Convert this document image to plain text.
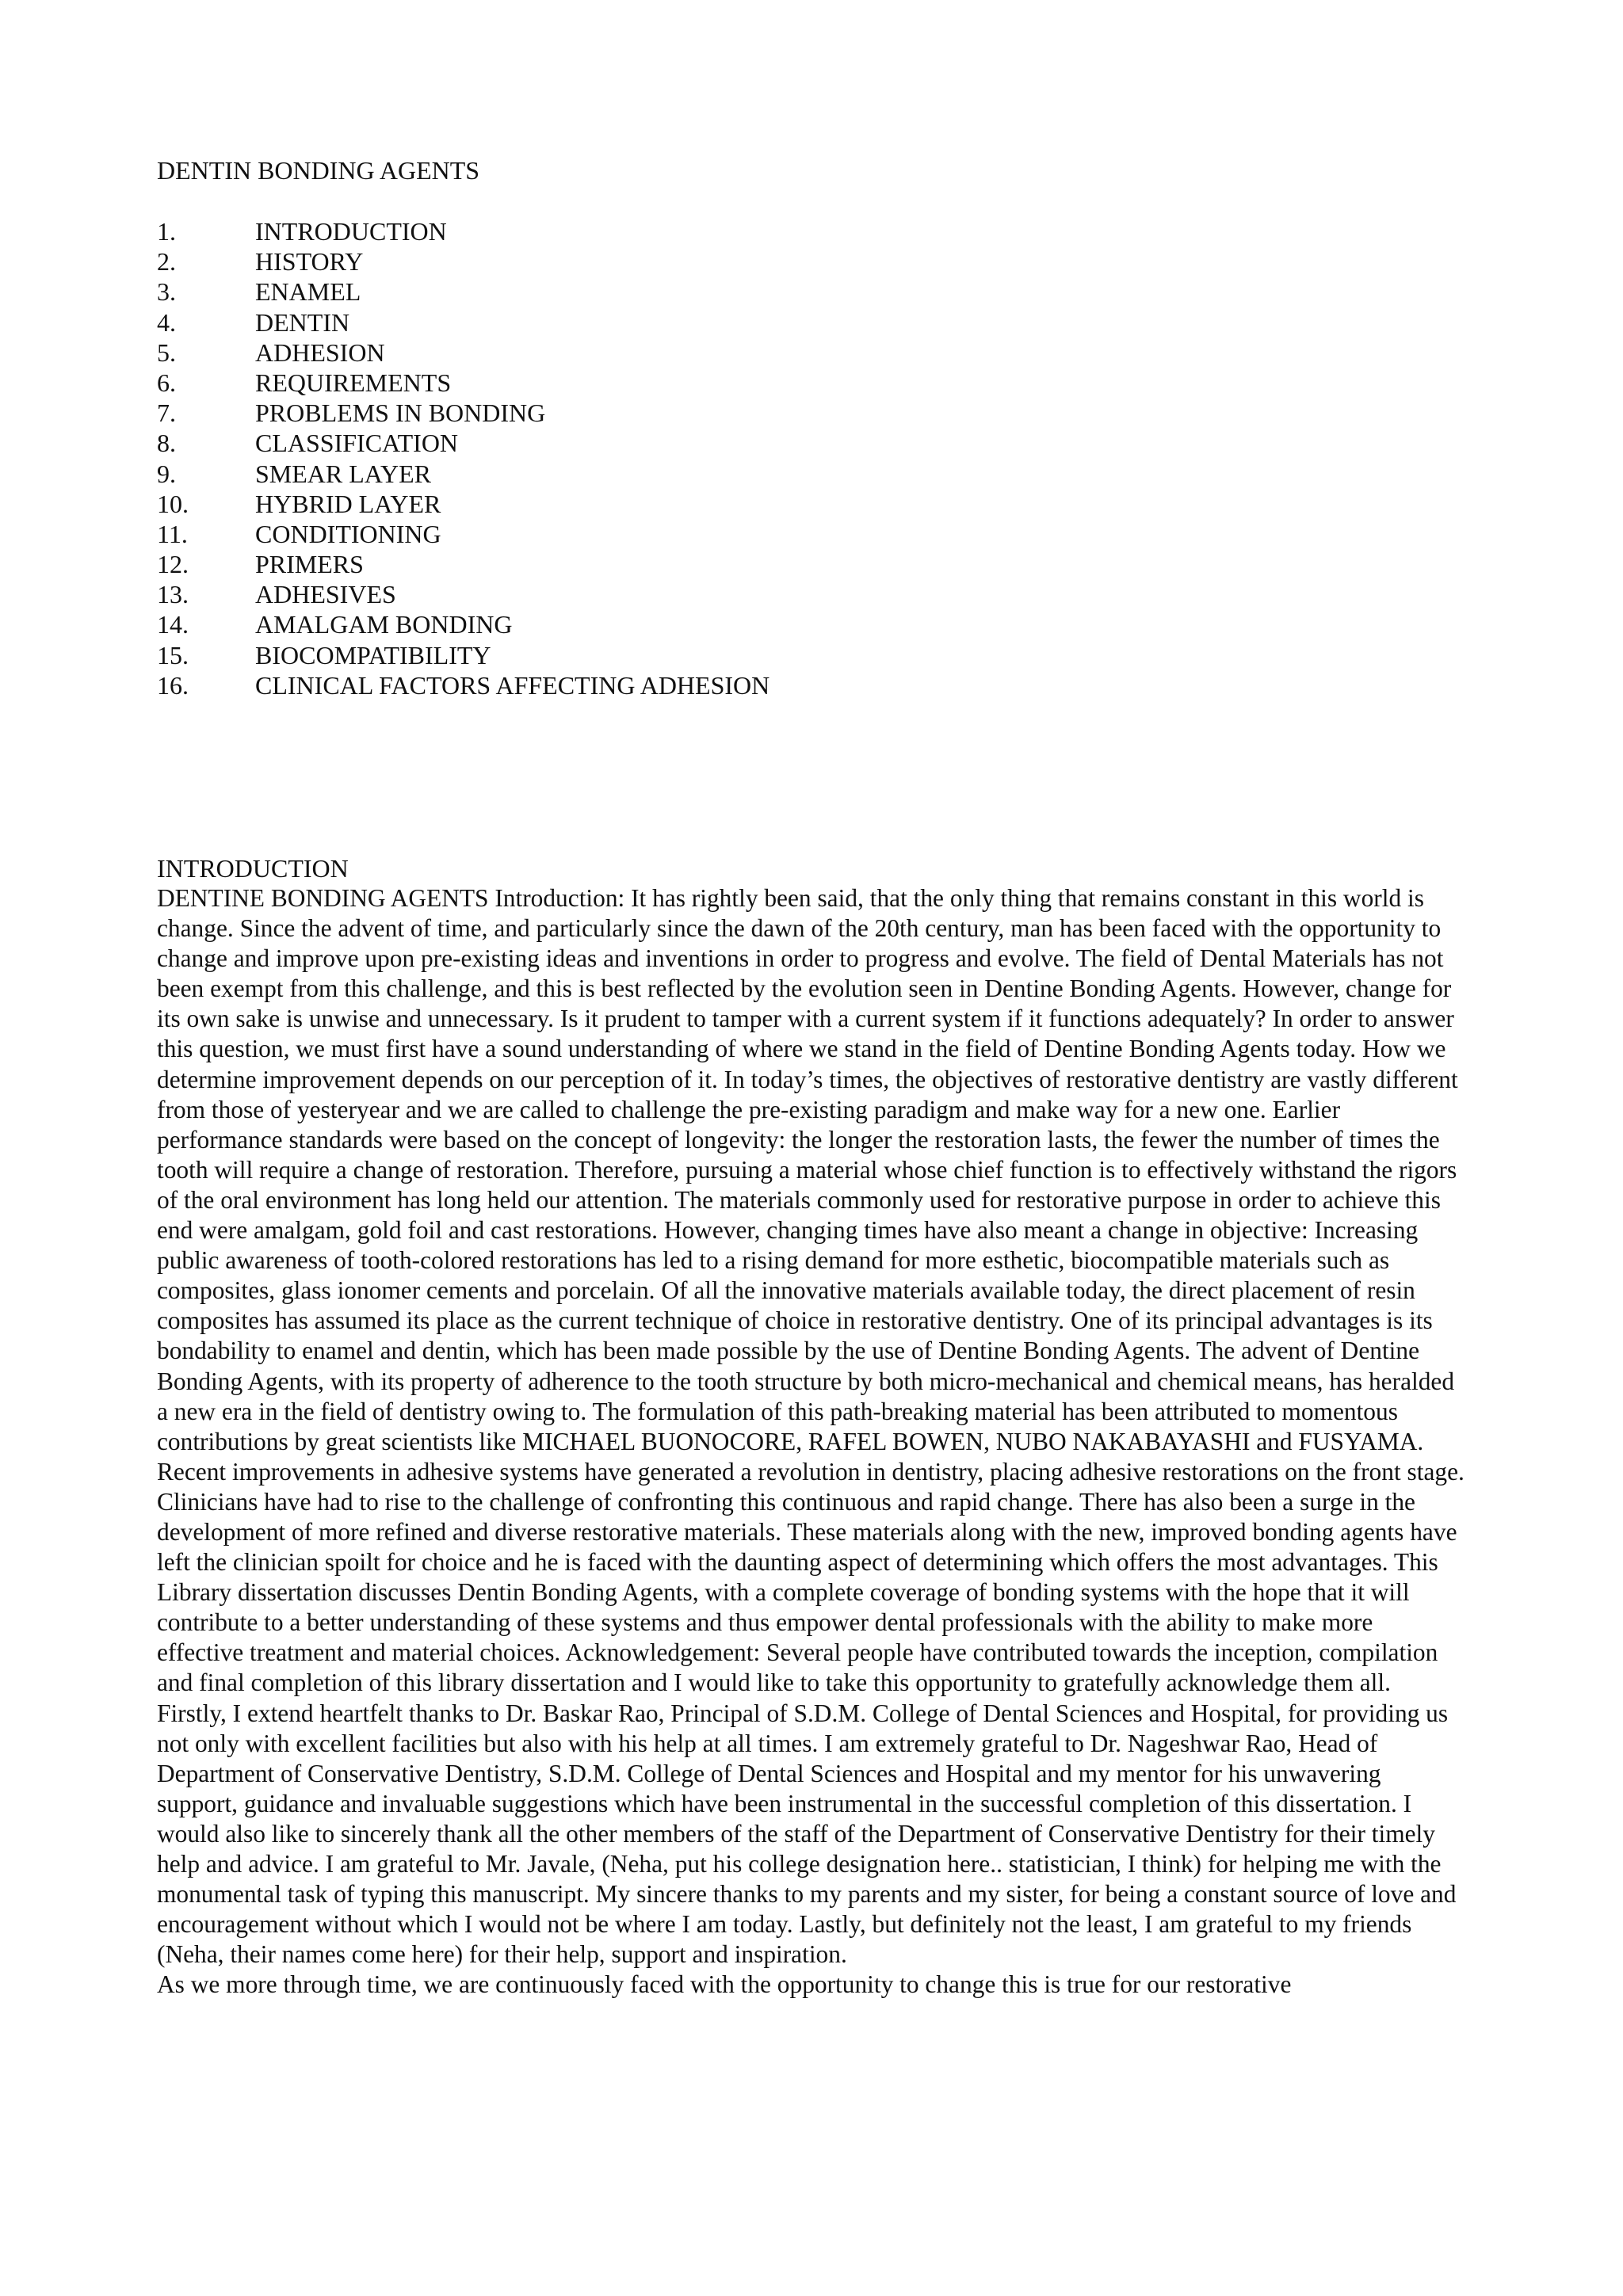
DENTIN BONDING AGENTS
1.	INTRODUCTION
2.	HISTORY
3.	ENAMEL
4.	DENTIN
5.	ADHESION
6.	REQUIREMENTS
7.	PROBLEMS IN BONDING
8.	CLASSIFICATION
9.	SMEAR LAYER
10.	HYBRID LAYER
11.	CONDITIONING
12.	PRIMERS
13.	ADHESIVES
14.	AMALGAM BONDING
15.	BIOCOMPATIBILITY
16.	CLINICAL FACTORS AFFECTING ADHESION
INTRODUCTION

DENTINE BONDING AGENTS Introduction: It has rightly been said, that the only thing that remains constant in this world is change. Since the advent of time, and particularly since the dawn of the 20th century, man has been faced with the opportunity to change and improve upon pre-existing ideas and inventions in order to progress and evolve. The field of Dental Materials has not been exempt from this challenge, and this is best reflected by the evolution seen in Dentine Bonding Agents. However, change for its own sake is unwise and unnecessary. Is it prudent to tamper with a current system if it functions adequately? In order to answer this question, we must first have a sound understanding of where we stand in the field of Dentine Bonding Agents today. How we determine improvement depends on our perception of it. In today’s times, the objectives of restorative dentistry are vastly different from those of yesteryear and we are called to challenge the pre-existing paradigm and make way for a new one. Earlier performance standards were based on the concept of longevity: the longer the restoration lasts, the fewer the number of times the tooth will require a change of restoration. Therefore, pursuing a material whose chief function is to effectively withstand the rigors of the oral environment has long held our attention. The materials commonly used for restorative purpose in order to achieve this end were amalgam, gold foil and cast restorations. However, changing times have also meant a change in objective: Increasing public awareness of tooth-colored restorations has led to a rising demand for more esthetic, biocompatible materials such as composites, glass ionomer cements and porcelain. Of all the innovative materials available today, the direct placement of resin composites has assumed its place as the current technique of choice in restorative dentistry. One of its principal advantages is its bondability to enamel and dentin, which has been made possible by the use of Dentine Bonding Agents. The advent of Dentine Bonding Agents, with its property of adherence to the tooth structure by both micro-mechanical and chemical means, has heralded a new era in the field of dentistry owing to. The formulation of this path-breaking material has been attributed to momentous contributions by great scientists like MICHAEL BUONOCORE, RAFEL BOWEN, NUBO NAKABAYASHI and FUSYAMA. Recent improvements in adhesive systems have generated a revolution in dentistry, placing adhesive restorations on the front stage. Clinicians have had to rise to the challenge of confronting this continuous and rapid change. There has also been a surge in the development of more refined and diverse restorative materials. These materials along with the new, improved bonding agents have left the clinician spoilt for choice and he is faced with the daunting aspect of determining which offers the most advantages. This Library dissertation discusses Dentin Bonding Agents, with a complete coverage of bonding systems with the hope that it will contribute to a better understanding of these systems and thus empower dental professionals with the ability to make more effective treatment and material choices. Acknowledgement: Several people have contributed towards the inception, compilation and final completion of this library dissertation and I would like to take this opportunity to gratefully acknowledge them all. Firstly, I extend heartfelt thanks to Dr. Baskar Rao, Principal of S.D.M. College of Dental Sciences and Hospital, for providing us not only with excellent facilities but also with his help at all times. I am extremely grateful to Dr. Nageshwar Rao, Head of Department of Conservative Dentistry, S.D.M. College of Dental Sciences and Hospital and my mentor for his unwavering support, guidance and invaluable suggestions which have been instrumental in the successful completion of this dissertation. I would also like to sincerely thank all the other members of the staff of the Department of Conservative Dentistry for their timely help and advice. I am grateful to Mr. Javale, (Neha, put his college designation here.. statistician, I think) for helping me with the monumental task of typing this manuscript. My sincere thanks to my parents and my sister, for being a constant source of love and encouragement without which I would not be where I am today. Lastly, but definitely not the least, I am grateful to my friends (Neha, their names come here) for their help, support and inspiration.

As we more through time, we are continuously faced with the opportunity to change this is true for our restorative
